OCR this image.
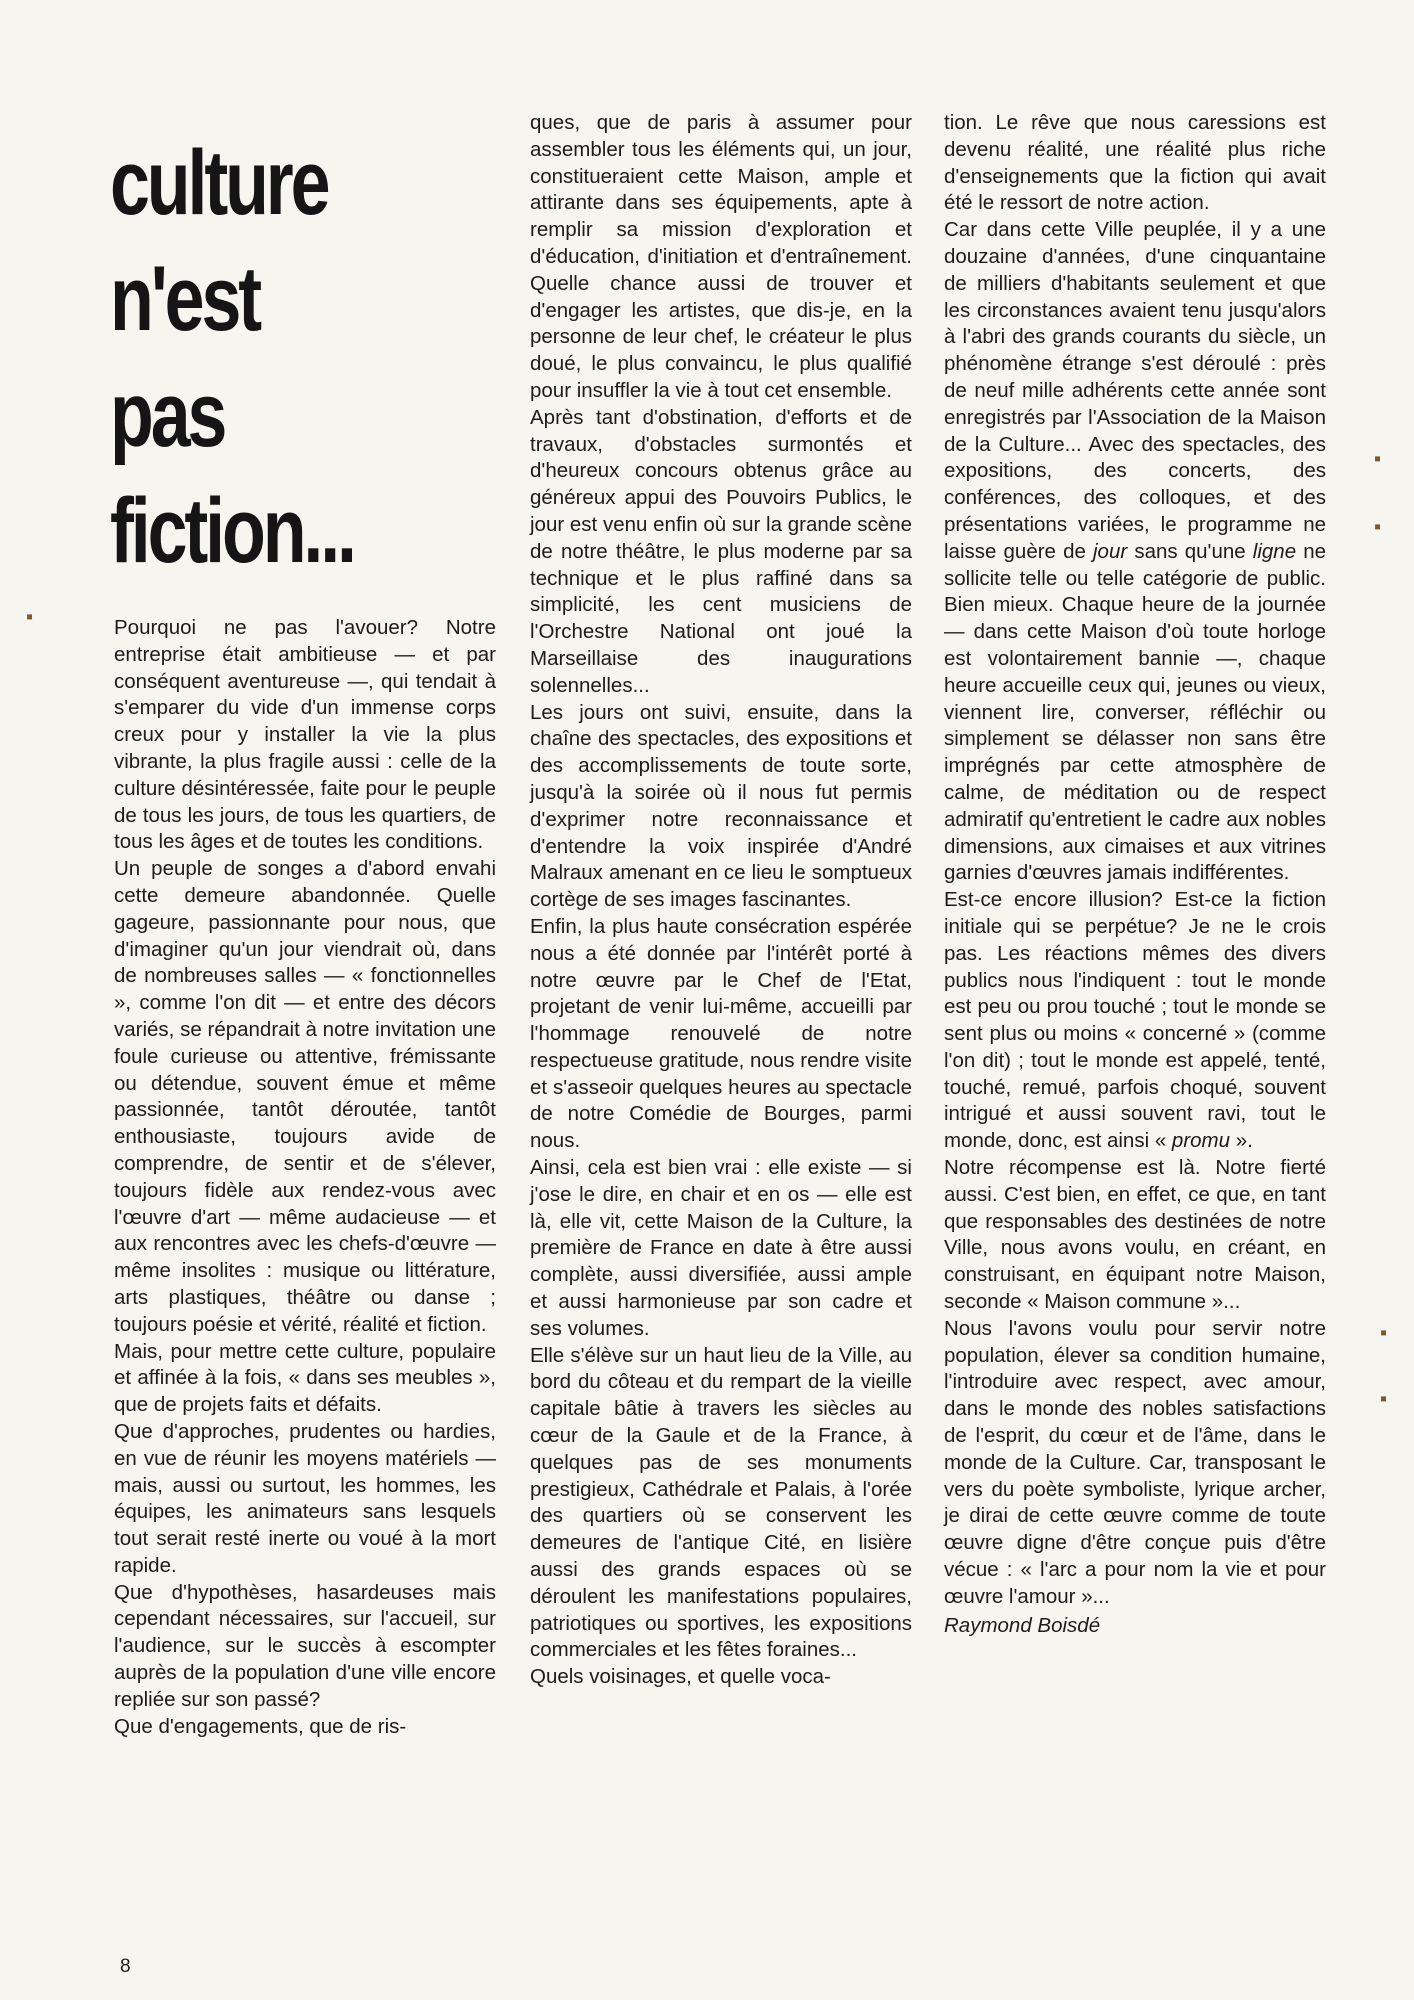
culture
n'est
pas
fiction...

Pourquoi ne pas l'avouer? Notre entreprise était ambitieuse — et par conséquent aventureuse —, qui tendait à s'emparer du vide d'un immense corps creux pour y installer la vie la plus vibrante, la plus fragile aussi : celle de la culture désintéressée, faite pour le peuple de tous les jours, de tous les quartiers, de tous les âges et de toutes les conditions.

Un peuple de songes a d'abord envahi cette demeure abandonnée. Quelle gageure, passionnante pour nous, que d'imaginer qu'un jour viendrait où, dans de nombreuses salles — « fonctionnelles », comme l'on dit — et entre des décors variés, se répandrait à notre invitation une foule curieuse ou attentive, frémissante ou détendue, souvent émue et même passionnée, tantôt déroutée, tantôt enthousiaste, toujours avide de comprendre, de sentir et de s'élever, toujours fidèle aux rendez-vous avec l'œuvre d'art — même audacieuse — et aux rencontres avec les chefs-d'œuvre — même insolites : musique ou littérature, arts plastiques, théâtre ou danse ; toujours poésie et vérité, réalité et fiction.

Mais, pour mettre cette culture, populaire et affinée à la fois, « dans ses meubles », que de projets faits et défaits.

Que d'approches, prudentes ou hardies, en vue de réunir les moyens matériels — mais, aussi ou surtout, les hommes, les équipes, les animateurs sans lesquels tout serait resté inerte ou voué à la mort rapide.

Que d'hypothèses, hasardeuses mais cependant nécessaires, sur l'accueil, sur l'audience, sur le succès à escompter auprès de la population d'une ville encore repliée sur son passé?

Que d'engagements, que de ris-

ques, que de paris à assumer pour assembler tous les éléments qui, un jour, constitueraient cette Maison, ample et attirante dans ses équipements, apte à remplir sa mission d'exploration et d'éducation, d'initiation et d'entraînement. Quelle chance aussi de trouver et d'engager les artistes, que dis-je, en la personne de leur chef, le créateur le plus doué, le plus convaincu, le plus qualifié pour insuffler la vie à tout cet ensemble.

Après tant d'obstination, d'efforts et de travaux, d'obstacles surmontés et d'heureux concours obtenus grâce au généreux appui des Pouvoirs Publics, le jour est venu enfin où sur la grande scène de notre théâtre, le plus moderne par sa technique et le plus raffiné dans sa simplicité, les cent musiciens de l'Orchestre National ont joué la Marseillaise des inaugurations solennelles...

Les jours ont suivi, ensuite, dans la chaîne des spectacles, des expositions et des accomplissements de toute sorte, jusqu'à la soirée où il nous fut permis d'exprimer notre reconnaissance et d'entendre la voix inspirée d'André Malraux amenant en ce lieu le somptueux cortège de ses images fascinantes.

Enfin, la plus haute consécration espérée nous a été donnée par l'intérêt porté à notre œuvre par le Chef de l'Etat, projetant de venir lui-même, accueilli par l'hommage renouvelé de notre respectueuse gratitude, nous rendre visite et s'asseoir quelques heures au spectacle de notre Comédie de Bourges, parmi nous.

Ainsi, cela est bien vrai : elle existe — si j'ose le dire, en chair et en os — elle est là, elle vit, cette Maison de la Culture, la première de France en date à être aussi complète, aussi diversifiée, aussi ample et aussi harmonieuse par son cadre et ses volumes.

Elle s'élève sur un haut lieu de la Ville, au bord du côteau et du rempart de la vieille capitale bâtie à travers les siècles au cœur de la Gaule et de la France, à quelques pas de ses monuments prestigieux, Cathédrale et Palais, à l'orée des quartiers où se conservent les demeures de l'antique Cité, en lisière aussi des grands espaces où se déroulent les manifestations populaires, patriotiques ou sportives, les expositions commerciales et les fêtes foraines...

Quels voisinages, et quelle voca-

tion. Le rêve que nous caressions est devenu réalité, une réalité plus riche d'enseignements que la fiction qui avait été le ressort de notre action.

Car dans cette Ville peuplée, il y a une douzaine d'années, d'une cinquantaine de milliers d'habitants seulement et que les circonstances avaient tenu jusqu'alors à l'abri des grands courants du siècle, un phénomène étrange s'est déroulé : près de neuf mille adhérents cette année sont enregistrés par l'Association de la Maison de la Culture... Avec des spectacles, des expositions, des concerts, des conférences, des colloques, et des présentations variées, le programme ne laisse guère de jour sans qu'une ligne ne sollicite telle ou telle catégorie de public. Bien mieux. Chaque heure de la journée — dans cette Maison d'où toute horloge est volontairement bannie —, chaque heure accueille ceux qui, jeunes ou vieux, viennent lire, converser, réfléchir ou simplement se délasser non sans être imprégnés par cette atmosphère de calme, de méditation ou de respect admiratif qu'entretient le cadre aux nobles dimensions, aux cimaises et aux vitrines garnies d'œuvres jamais indifférentes.

Est-ce encore illusion? Est-ce la fiction initiale qui se perpétue? Je ne le crois pas. Les réactions mêmes des divers publics nous l'indiquent : tout le monde est peu ou prou touché ; tout le monde se sent plus ou moins « concerné » (comme l'on dit) ; tout le monde est appelé, tenté, touché, remué, parfois choqué, souvent intrigué et aussi souvent ravi, tout le monde, donc, est ainsi « promu ».

Notre récompense est là. Notre fierté aussi. C'est bien, en effet, ce que, en tant que responsables des destinées de notre Ville, nous avons voulu, en créant, en construisant, en équipant notre Maison, seconde « Maison commune »...

Nous l'avons voulu pour servir notre population, élever sa condition humaine, l'introduire avec respect, avec amour, dans le monde des nobles satisfactions de l'esprit, du cœur et de l'âme, dans le monde de la Culture. Car, transposant le vers du poète symboliste, lyrique archer, je dirai de cette œuvre comme de toute œuvre digne d'être conçue puis d'être vécue : « l'arc a pour nom la vie et pour œuvre l'amour »...

Raymond Boisdé

8
▪
▪
▪
▪
▪
